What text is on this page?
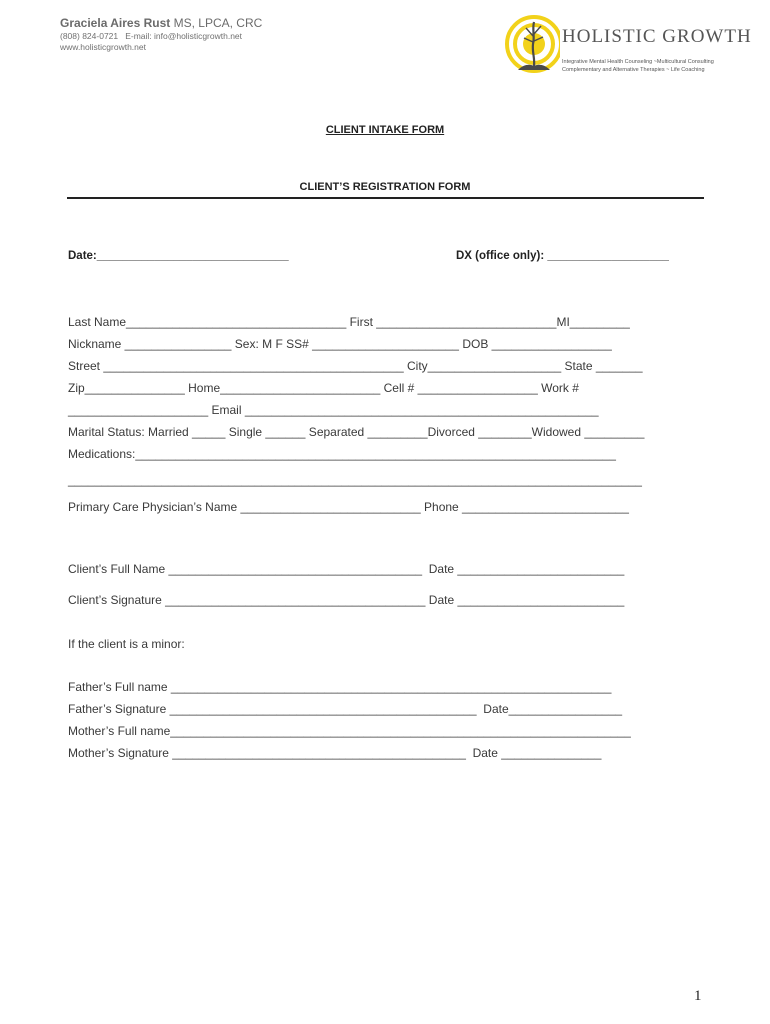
Graciela Aires Rust MS, LPCA, CRC
(808) 824-0721   E-mail: info@holisticgrowth.net
www.holisticgrowth.net

	HOLISTIC GROWTH

Integrative Mental Health Counseling ~Multicultural Consulting

Complementary and Alternative Therapies ~ Life Coaching

CLIENT INTAKE FORM
CLIENT’S REGISTRATION FORM
Date:______________________________	DX (office only): ___________________
Last Name_________________________________ First ___________________________MI_________
Nickname ________________ Sex: M F SS# ______________________ DOB __________________
Street _____________________________________________ City____________________ State _______
Zip_______________ Home________________________ Cell # __________________ Work #
_____________________ Email _____________________________________________________
Marital Status: Married _____ Single ______ Separated _________Divorced ________Widowed _________
Medications:________________________________________________________________________
______________________________________________________________________________________
Primary Care Physician’s Name ___________________________ Phone _________________________
Client’s Full Name ______________________________________  Date _________________________
Client’s Signature _______________________________________ Date _________________________
If the client is a minor:
Father’s Full name __________________________________________________________________
Father’s Signature ______________________________________________  Date_________________
Mother’s Full name_____________________________________________________________________
Mother’s Signature ____________________________________________  Date _______________
1
